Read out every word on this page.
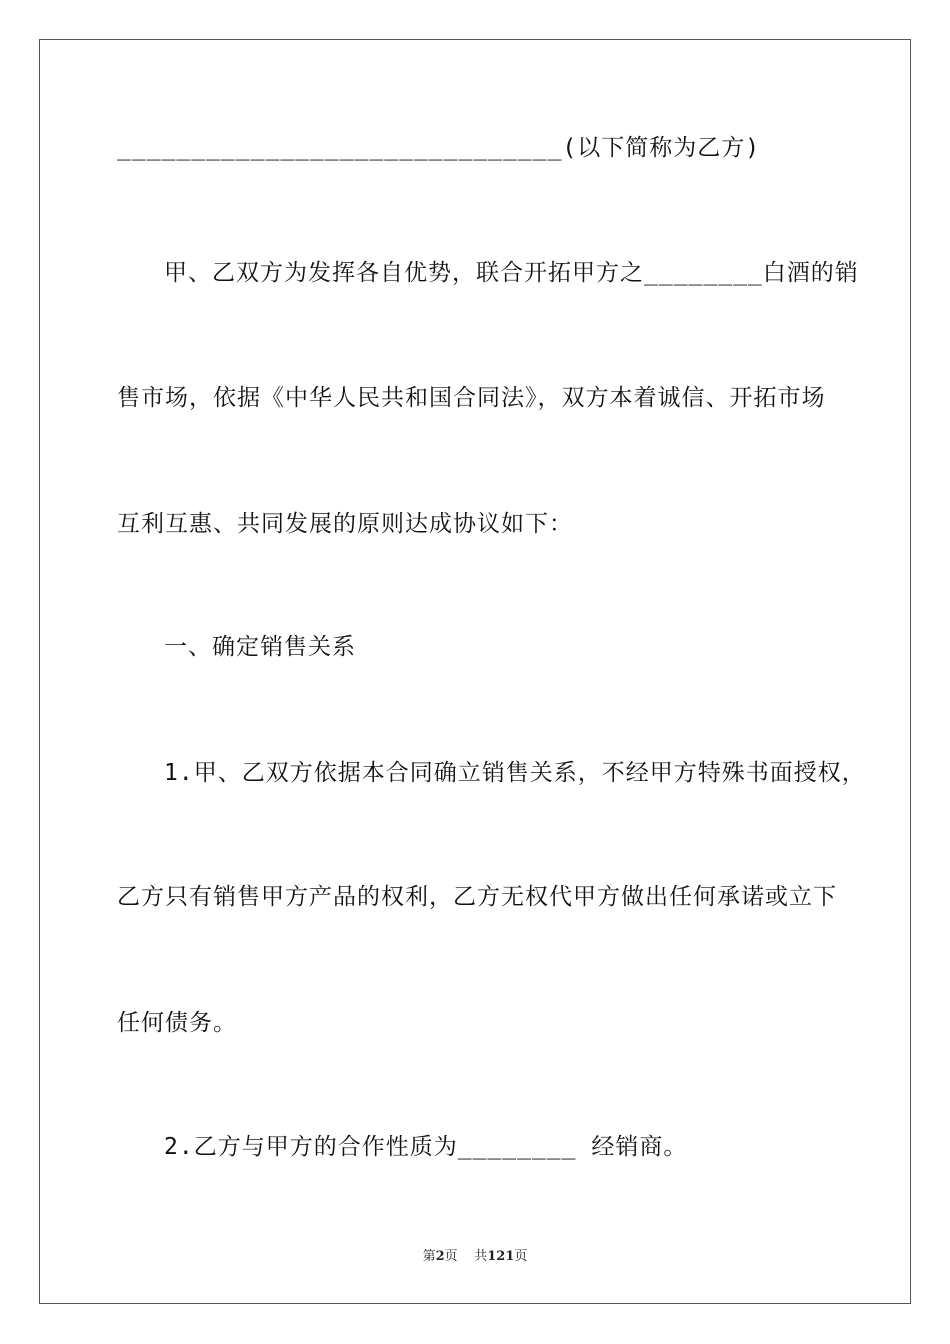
______________________________(以下简称为乙方)
甲、乙双方为发挥各自优势，联合开拓甲方之________白酒的销
售市场，依据《中华人民共和国合同法》，双方本着诚信、开拓市场
互利互惠、共同发展的原则达成协议如下：
一、确定销售关系
1.甲、乙双方依据本合同确立销售关系，不经甲方特殊书面授权，
乙方只有销售甲方产品的权利，乙方无权代甲方做出任何承诺或立下
任何债务。
2.乙方与甲方的合作性质为________ 经销商。
第2页 共121页
